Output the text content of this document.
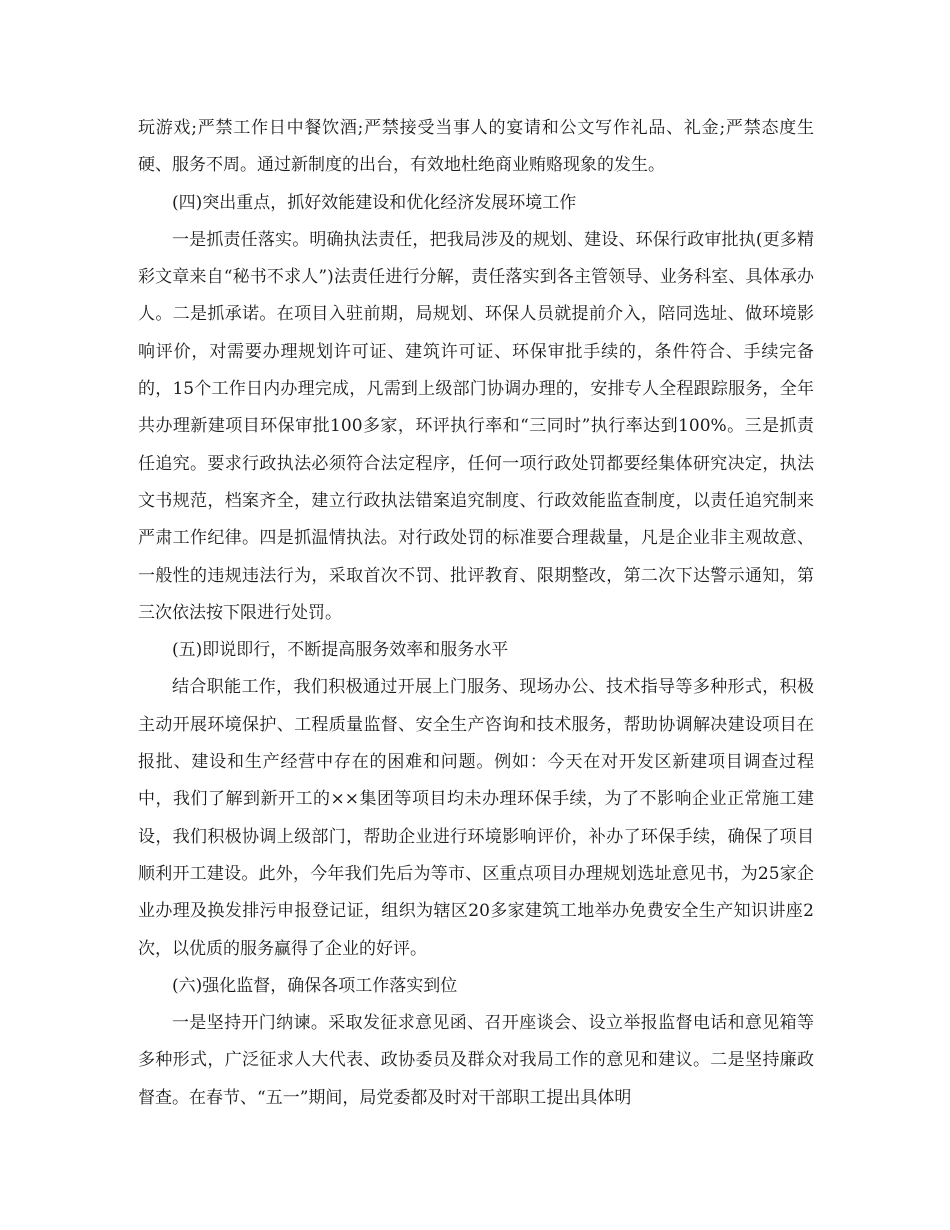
玩游戏;严禁工作日中餐饮酒;严禁接受当事人的宴请和公文写作礼品、礼金;严禁态度生硬、服务不周。通过新制度的出台，有效地杜绝商业贿赂现象的发生。

(四)突出重点，抓好效能建设和优化经济发展环境工作

一是抓责任落实。明确执法责任，把我局涉及的规划、建设、环保行政审批执(更多精彩文章来自“秘书不求人”)法责任进行分解，责任落实到各主管领导、业务科室、具体承办人。二是抓承诺。在项目入驻前期，局规划、环保人员就提前介入，陪同选址、做环境影响评价，对需要办理规划许可证、建筑许可证、环保审批手续的，条件符合、手续完备的，15个工作日内办理完成，凡需到上级部门协调办理的，安排专人全程跟踪服务，全年共办理新建项目环保审批100多家，环评执行率和“三同时”执行率达到100%。三是抓责任追究。要求行政执法必须符合法定程序，任何一项行政处罚都要经集体研究决定，执法文书规范，档案齐全，建立行政执法错案追究制度、行政效能监查制度，以责任追究制来严肃工作纪律。四是抓温情执法。对行政处罚的标准要合理裁量，凡是企业非主观故意、一般性的违规违法行为，采取首次不罚、批评教育、限期整改，第二次下达警示通知，第三次依法按下限进行处罚。

(五)即说即行，不断提高服务效率和服务水平

结合职能工作，我们积极通过开展上门服务、现场办公、技术指导等多种形式，积极主动开展环境保护、工程质量监督、安全生产咨询和技术服务，帮助协调解决建设项目在报批、建设和生产经营中存在的困难和问题。例如：今天在对开发区新建项目调查过程中，我们了解到新开工的××集团等项目均未办理环保手续，为了不影响企业正常施工建设，我们积极协调上级部门，帮助企业进行环境影响评价，补办了环保手续，确保了项目顺利开工建设。此外，今年我们先后为等市、区重点项目办理规划选址意见书，为25家企业办理及换发排污申报登记证，组织为辖区20多家建筑工地举办免费安全生产知识讲座2次，以优质的服务赢得了企业的好评。

(六)强化监督，确保各项工作落实到位

一是坚持开门纳谏。采取发征求意见函、召开座谈会、设立举报监督电话和意见箱等多种形式，广泛征求人大代表、政协委员及群众对我局工作的意见和建议。二是坚持廉政督查。在春节、“五一”期间，局党委都及时对干部职工提出具体明
